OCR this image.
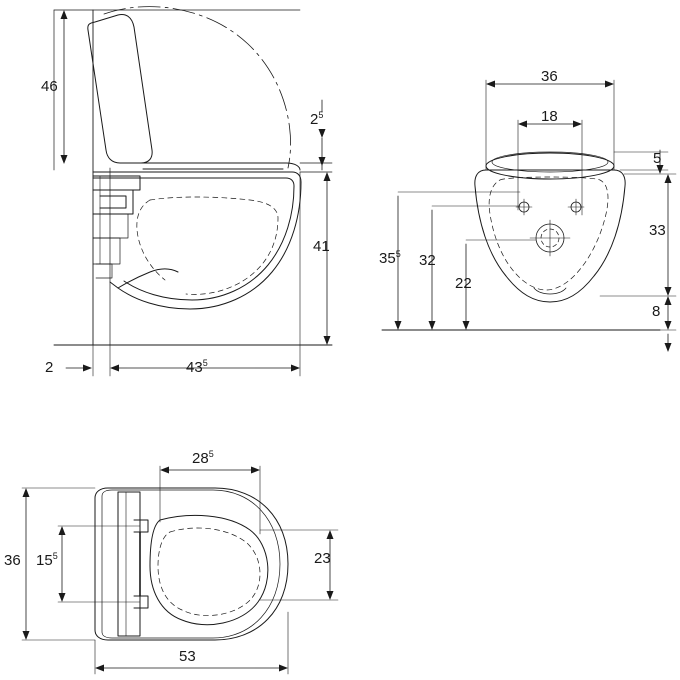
46
$2^5$
41
2	$43^5$
36
18
5
33
8
$35^5$ 32
22
$28^5$
36 $15^5$	23
53
